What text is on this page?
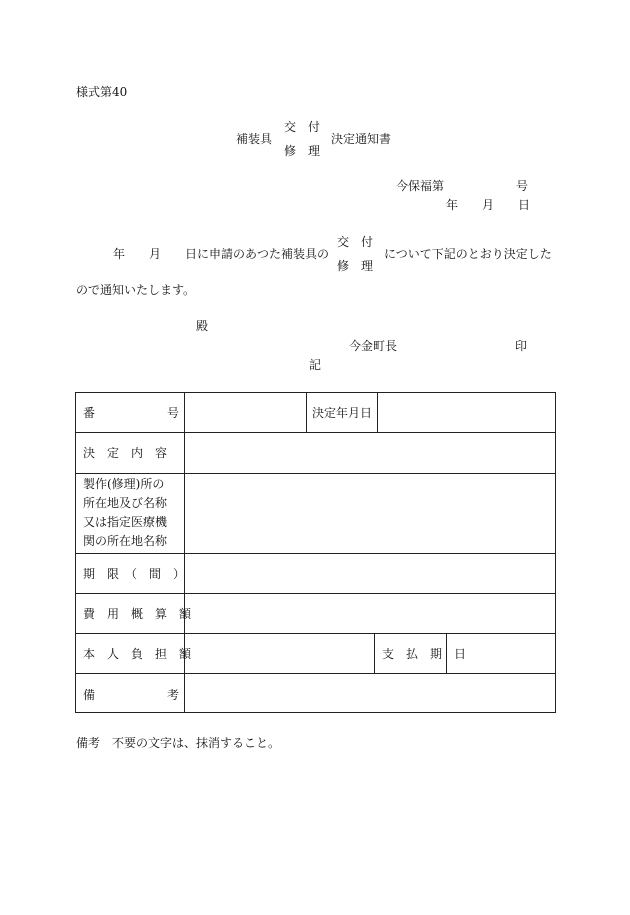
様式第40
補装具
交　付
修　理
決定通知書
今保福第　　　　　　号
年　　月　　日
年　　月　　日に申請のあつた補装具の
交　付
修　理
について下記のとおり決定した
ので通知いたします。
殿
今金町長	印
記
番　　　　　　号	決定年月日
決　定　内　容
製作(修理)所の
所在地及び名称
又は指定医療機
関の所在地名称
期　限　（　間　）
費　用　概　算　額
本　人　負　担　額	支　払　期　日
備　　　　　　考
備考　不要の文字は、抹消すること。
